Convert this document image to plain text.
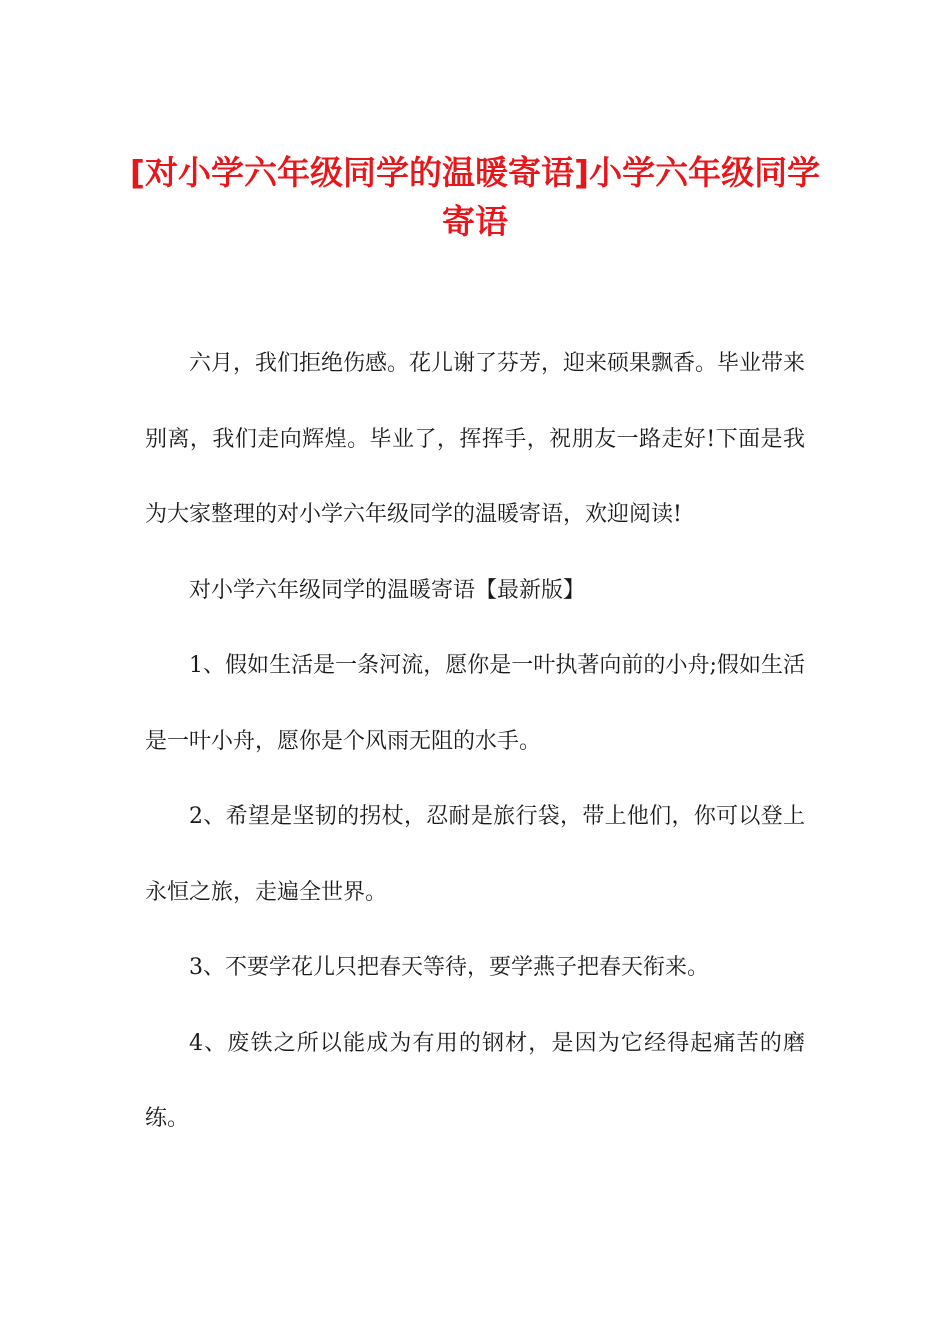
[对小学六年级同学的温暖寄语]小学六年级同学寄语

六月，我们拒绝伤感。花儿谢了芬芳，迎来硕果飘香。毕业带来别离，我们走向辉煌。毕业了，挥挥手，祝朋友一路走好!下面是我为大家整理的对小学六年级同学的温暖寄语，欢迎阅读!

对小学六年级同学的温暖寄语【最新版】

1、假如生活是一条河流，愿你是一叶执著向前的小舟;假如生活是一叶小舟，愿你是个风雨无阻的水手。

2、希望是坚韧的拐杖，忍耐是旅行袋，带上他们，你可以登上永恒之旅，走遍全世界。

3、不要学花儿只把春天等待，要学燕子把春天衔来。

4、废铁之所以能成为有用的钢材，是因为它经得起痛苦的磨练。
